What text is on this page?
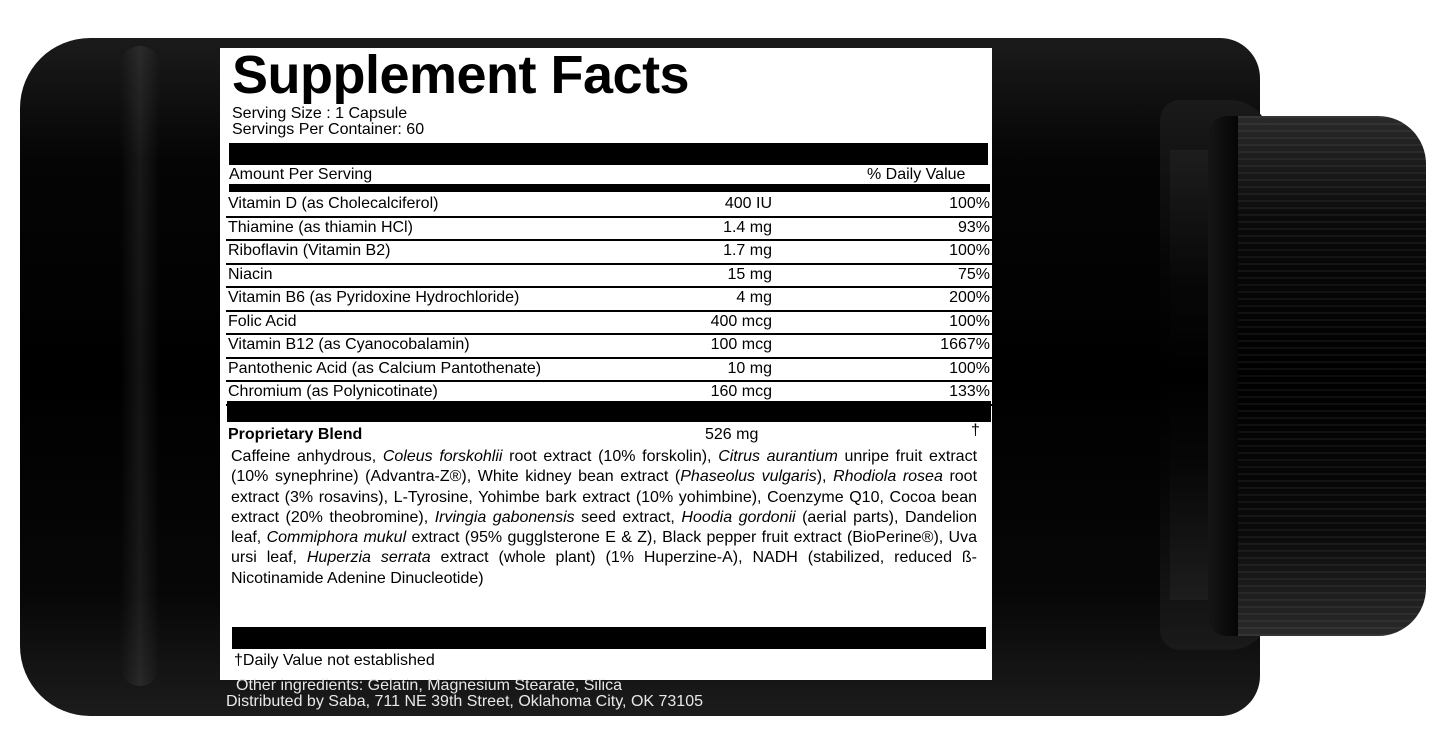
Supplement Facts
Serving Size : 1 Capsule
Servings Per Container: 60
Amount Per Serving	% Daily Value
Vitamin D (as Cholecalciferol)	400 IU	100%
Thiamine (as thiamin HCl)	1.4 mg	93%
Riboflavin (Vitamin B2)	1.7 mg	100%
Niacin	15 mg	75%
Vitamin B6 (as Pyridoxine Hydrochloride)	4 mg	200%
Folic Acid	400 mcg	100%
Vitamin B12 (as Cyanocobalamin)	100 mcg	1667%
Pantothenic Acid (as Calcium Pantothenate)	10 mg	100%
Chromium (as Polynicotinate)	160 mcg	133%
Proprietary Blend	526 mg	†
Caffeine anhydrous, Coleus forskohlii root extract (10% forskolin), Citrus aurantium unripe fruit extract (10% synephrine) (Advantra-Z®), White kidney bean extract (Phaseolus vulgaris), Rhodiola rosea root extract (3% rosavins), L-Tyrosine, Yohimbe bark extract (10% yohimbine), Coenzyme Q10, Cocoa bean extract (20% theobromine), Irvingia gabonensis seed extract, Hoodia gordonii (aerial parts), Dandelion leaf, Commiphora mukul extract (95% gugglsterone E & Z), Black pepper fruit extract (BioPerine®), Uva ursi leaf, Huperzia serrata extract (whole plant) (1% Huperzine-A), NADH (stabilized, reduced ß-Nicotinamide Adenine Dinucleotide)
†Daily Value not established
Other ingredients: Gelatin, Magnesium Stearate, Silica
Distributed by Saba, 711 NE 39th Street, Oklahoma City, OK 73105
